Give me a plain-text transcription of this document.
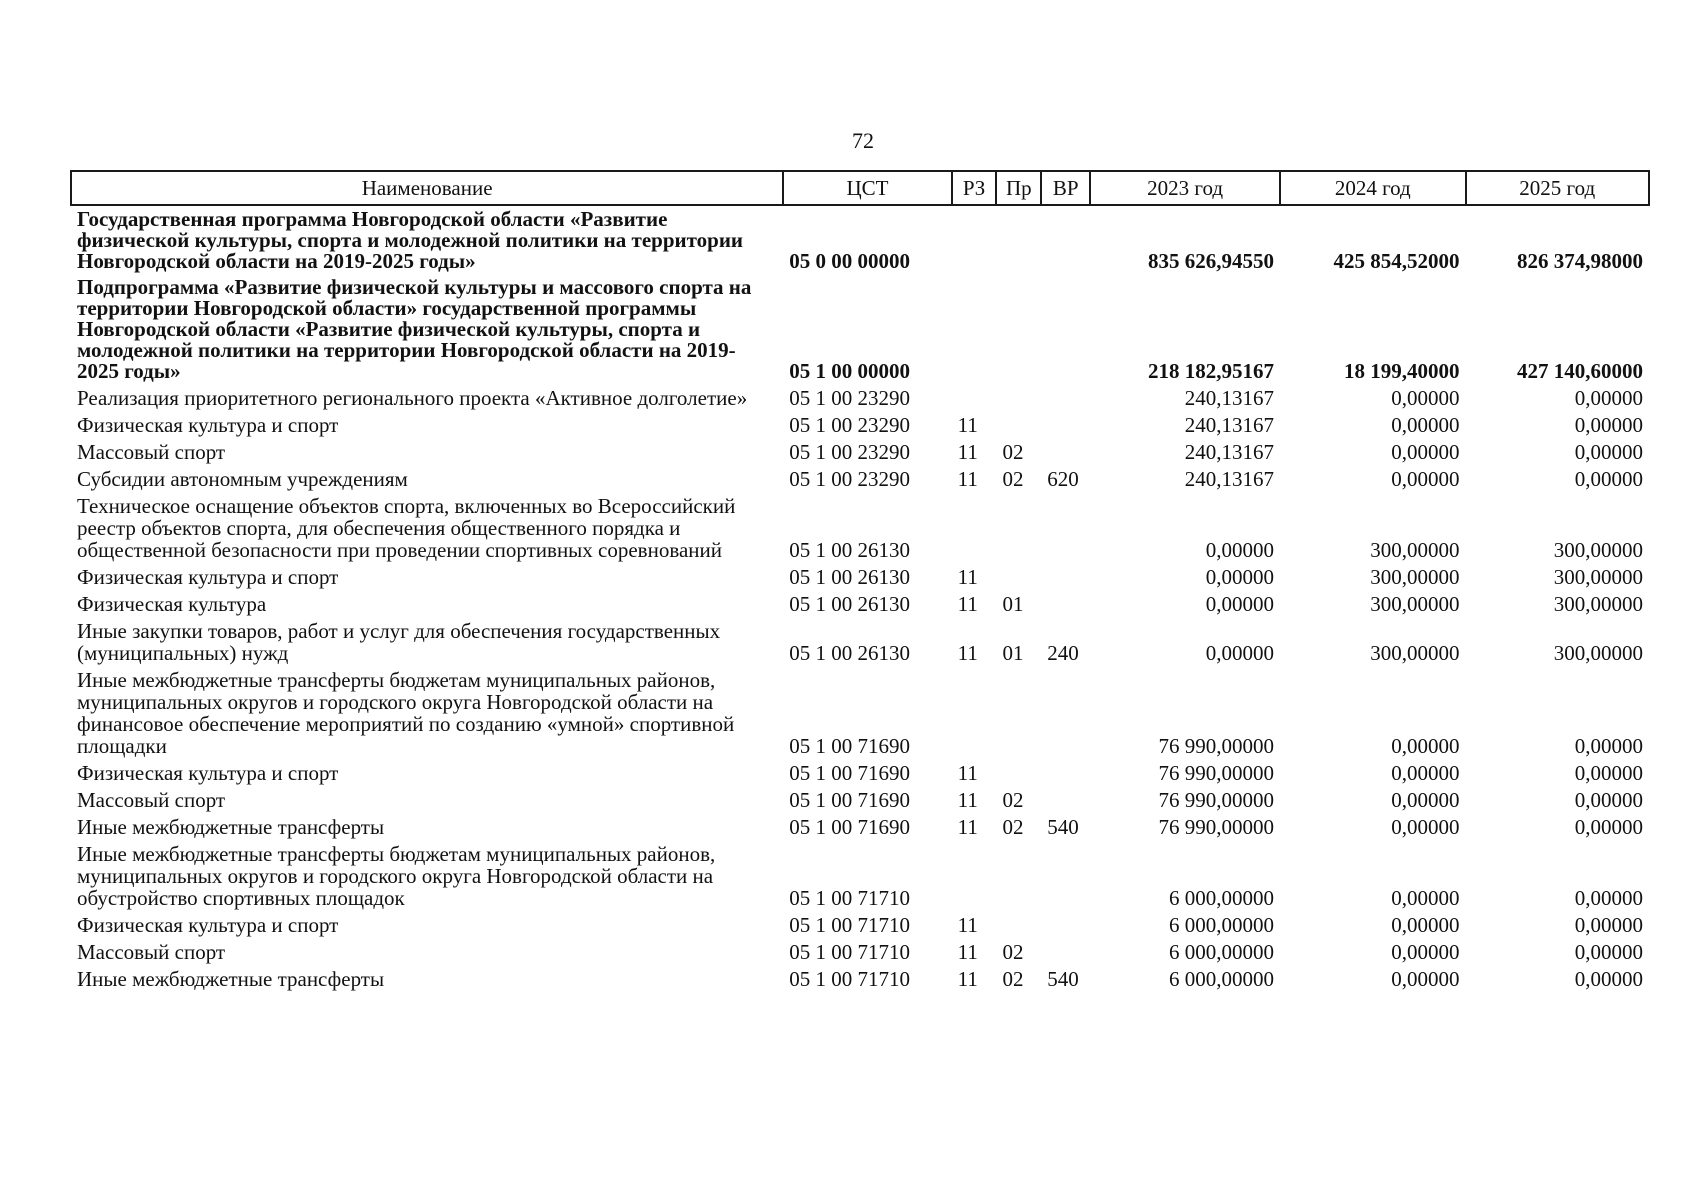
72
Наименование	ЦСТ	РЗ	Пр	ВР	2023 год	2024 год	2025 год
Государственная программа Новгородской области «Развитие физической культуры, спорта и молодежной политики на территории Новгородской области на 2019-2025 годы»	05 0 00 00000				835 626,94550	425 854,52000	826 374,98000
Подпрограмма «Развитие физической культуры и массового спорта на территории Новгородской области» государственной программы Новгородской области «Развитие физической культуры, спорта и молодежной политики на территории Новгородской области на 2019-2025 годы»	05 1 00 00000				218 182,95167	18 199,40000	427 140,60000
Реализация приоритетного регионального проекта «Активное долголетие»	05 1 00 23290				240,13167	0,00000	0,00000
Физическая культура и спорт	05 1 00 23290	11			240,13167	0,00000	0,00000
Массовый спорт	05 1 00 23290	11	02		240,13167	0,00000	0,00000
Субсидии автономным учреждениям	05 1 00 23290	11	02	620	240,13167	0,00000	0,00000
Техническое оснащение объектов спорта, включенных во Всероссийский реестр объектов спорта, для обеспечения общественного порядка и общественной безопасности при проведении спортивных соревнований	05 1 00 26130				0,00000	300,00000	300,00000
Физическая культура и спорт	05 1 00 26130	11			0,00000	300,00000	300,00000
Физическая культура	05 1 00 26130	11	01		0,00000	300,00000	300,00000
Иные закупки товаров, работ и услуг для обеспечения государственных (муниципальных) нужд	05 1 00 26130	11	01	240	0,00000	300,00000	300,00000
Иные межбюджетные трансферты бюджетам муниципальных районов, муниципальных округов и городского округа Новгородской области на финансовое обеспечение мероприятий по созданию «умной» спортивной площадки	05 1 00 71690				76 990,00000	0,00000	0,00000
Физическая культура и спорт	05 1 00 71690	11			76 990,00000	0,00000	0,00000
Массовый спорт	05 1 00 71690	11	02		76 990,00000	0,00000	0,00000
Иные межбюджетные трансферты	05 1 00 71690	11	02	540	76 990,00000	0,00000	0,00000
Иные межбюджетные трансферты бюджетам муниципальных районов, муниципальных округов и городского округа Новгородской области на обустройство спортивных площадок	05 1 00 71710				6 000,00000	0,00000	0,00000
Физическая культура и спорт	05 1 00 71710	11			6 000,00000	0,00000	0,00000
Массовый спорт	05 1 00 71710	11	02		6 000,00000	0,00000	0,00000
Иные межбюджетные трансферты	05 1 00 71710	11	02	540	6 000,00000	0,00000	0,00000
